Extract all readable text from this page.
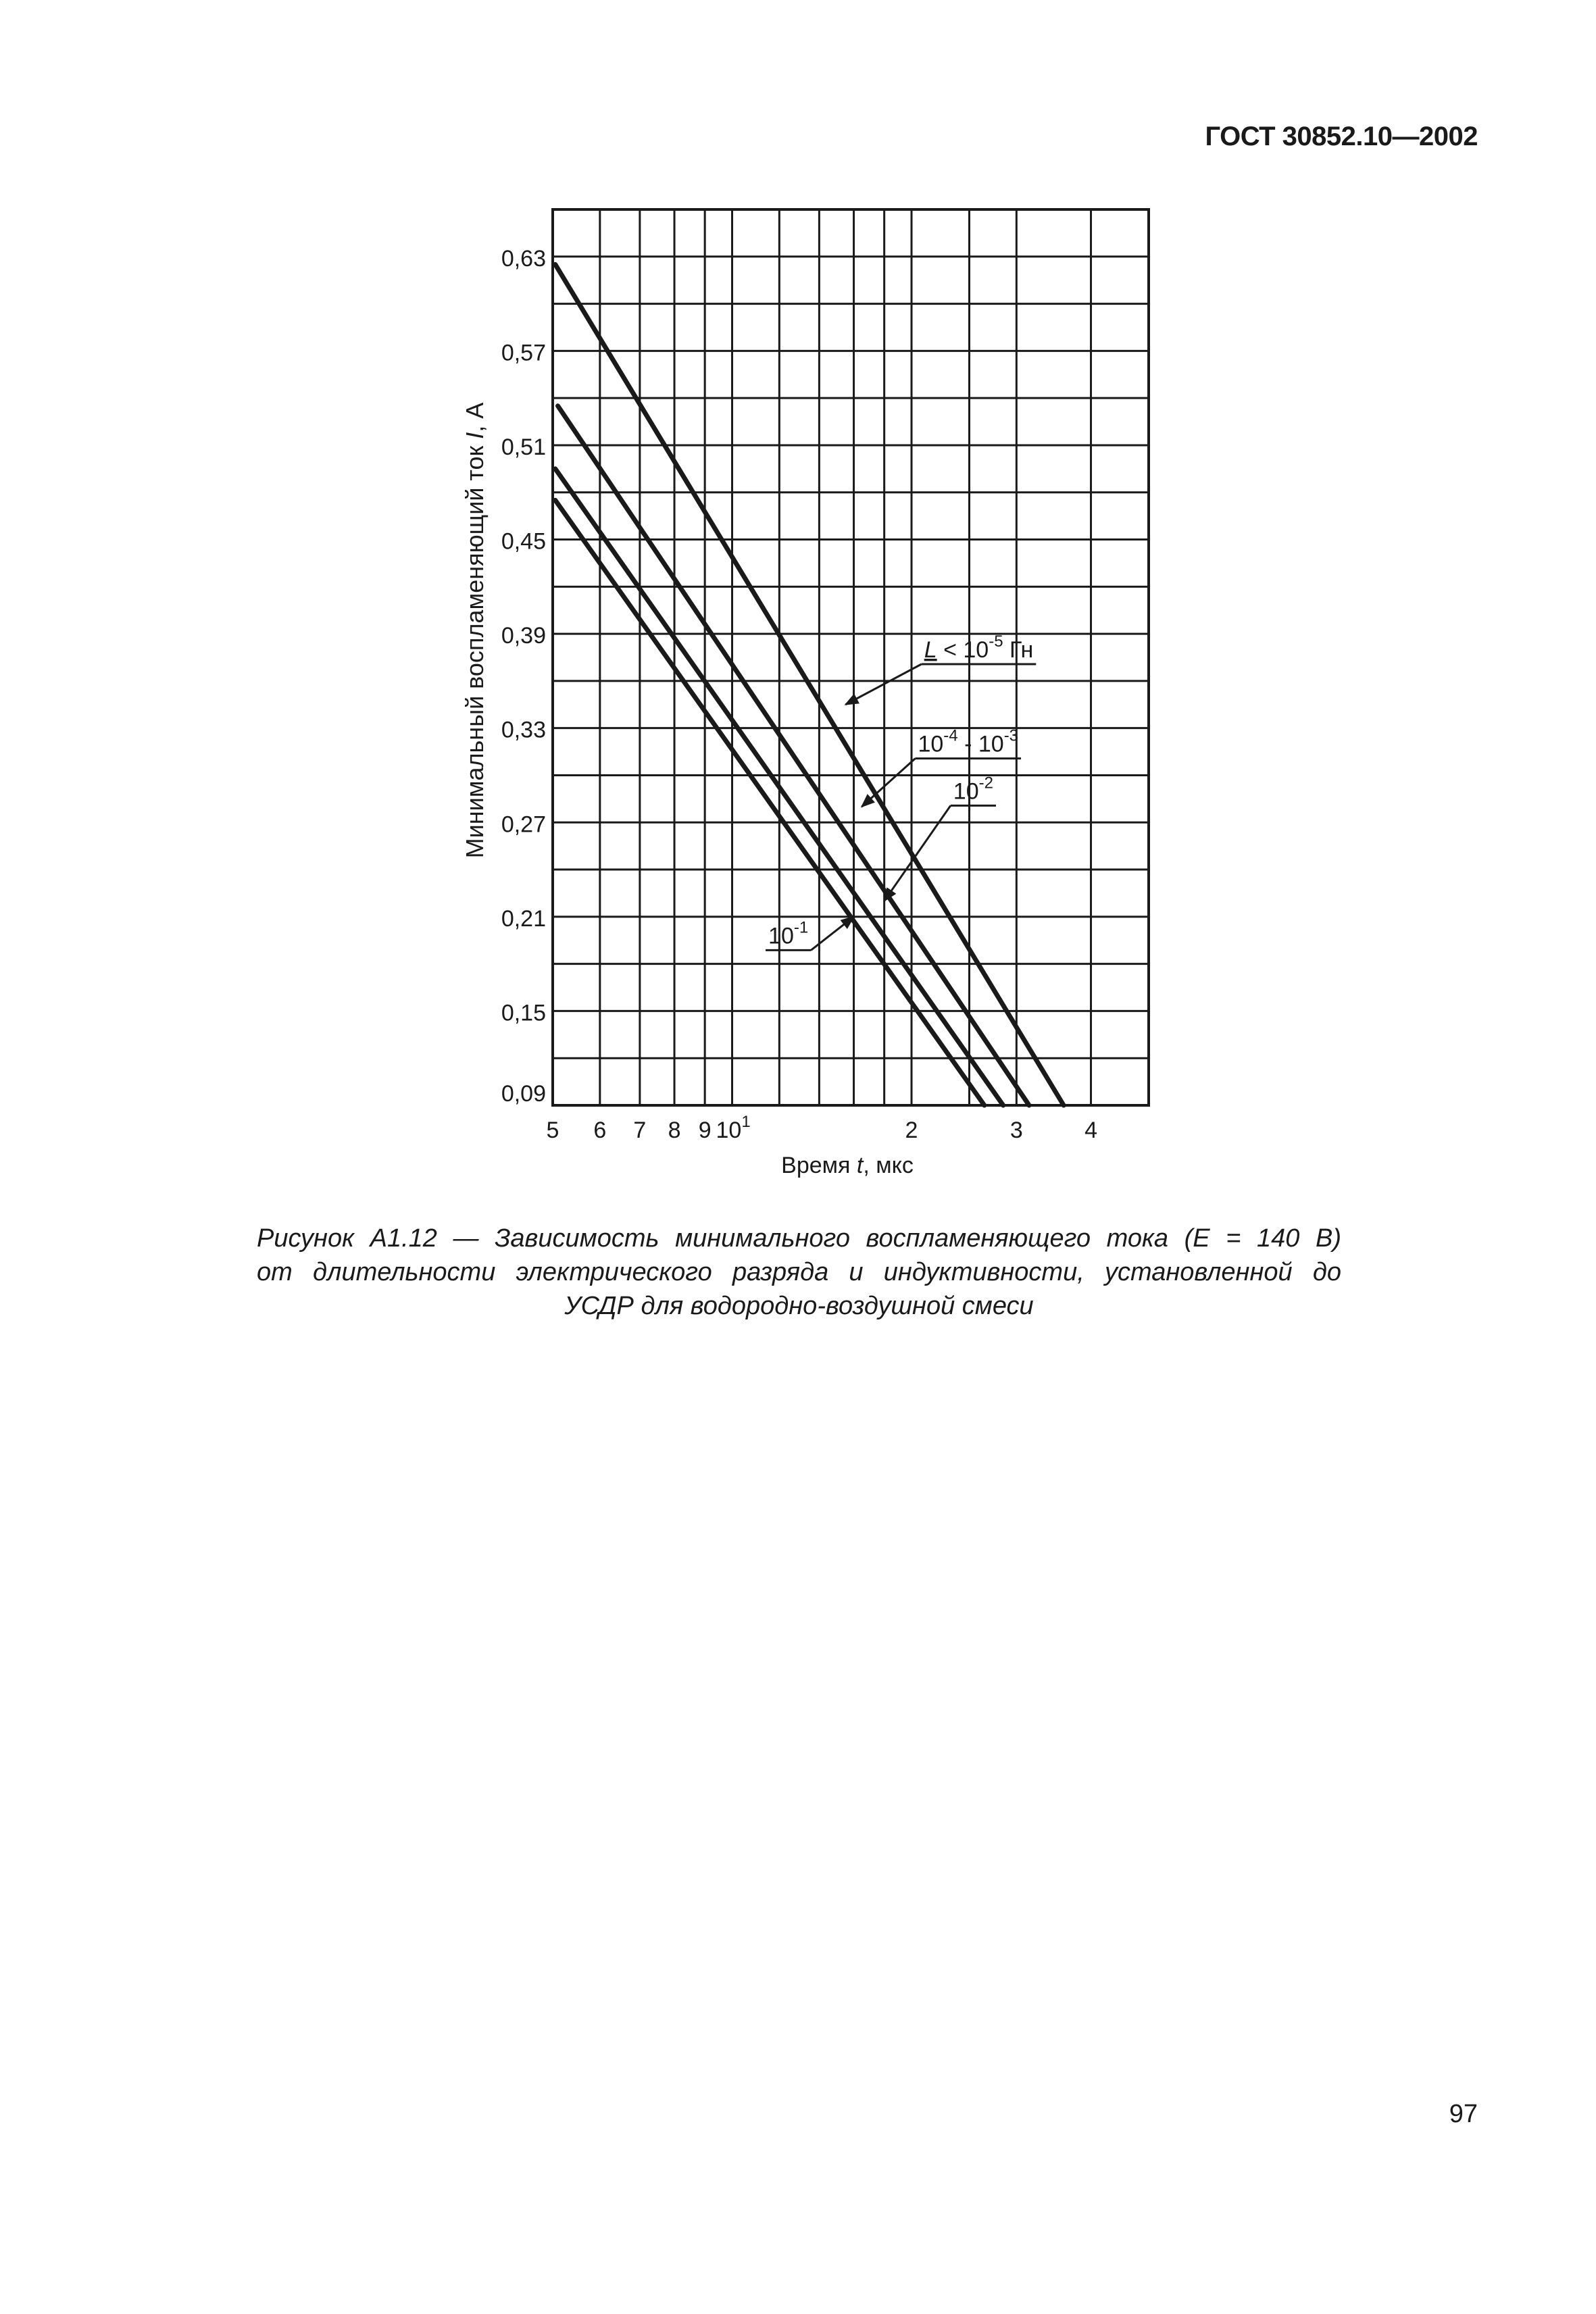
ГОСТ 30852.10—2002
0,09
0,15
0,21
0,27
0,33
0,39
0,45
0,51
0,57
0,63
5 6 7 8 9 $10^1$	2	3	4
Время t, мкс
Минимальный воспламеняющий ток I, А
$L < 10^{-5}$ Гн
$10^{-4} - 10^{-3}$
$10^{-2}$
$10^{-1}$
Рисунок А1.12 — Зависимость минимального воспламеняющего тока (E = 140 В)
от длительности электрического разряда и индуктивности, установленной до
УСДР для водородно-воздушной смеси
97
